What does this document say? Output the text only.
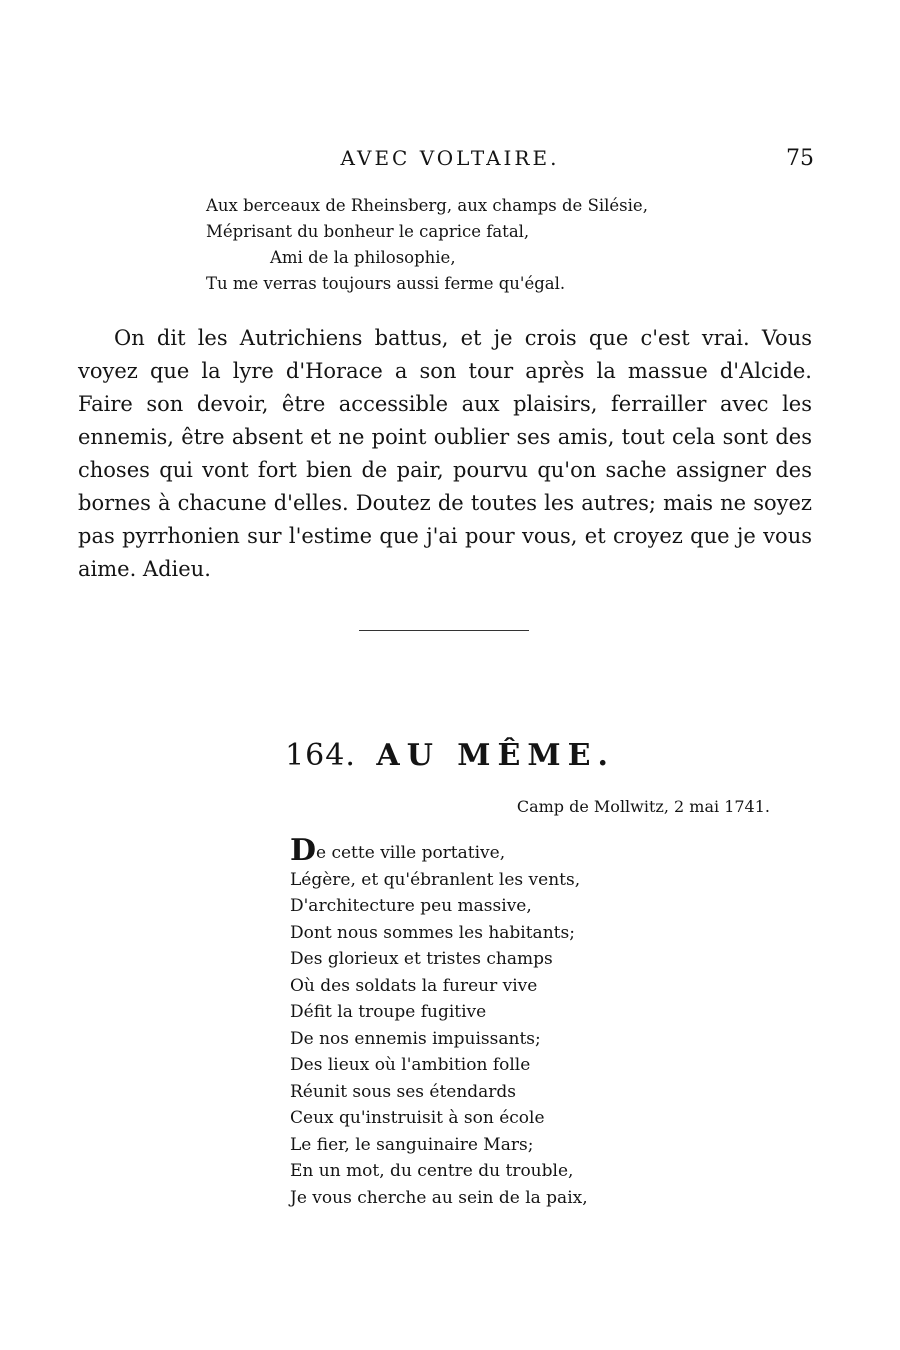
AVEC VOLTAIRE.	75
Aux berceaux de Rheinsberg, aux champs de Silésie,
Méprisant du bonheur le caprice fatal,
Ami de la philosophie,
Tu me verras toujours aussi ferme qu'égal.
On dit les Autrichiens battus, et je crois que c'est vrai. Vous voyez que la lyre d'Horace a son tour après la massue d'Alcide. Faire son devoir, être accessible aux plaisirs, ferrailler avec les ennemis, être absent et ne point oublier ses amis, tout cela sont des choses qui vont fort bien de pair, pourvu qu'on sache assigner des bornes à chacune d'elles. Doutez de toutes les autres; mais ne soyez pas pyrrhonien sur l'estime que j'ai pour vous, et croyez que je vous aime. Adieu.
164. AU MÊME.
Camp de Mollwitz, 2 mai 1741.
De cette ville portative,
Légère, et qu'ébranlent les vents,
D'architecture peu massive,
Dont nous sommes les habitants;
Des glorieux et tristes champs
Où des soldats la fureur vive
Défit la troupe fugitive
De nos ennemis impuissants;
Des lieux où l'ambition folle
Réunit sous ses étendards
Ceux qu'instruisit à son école
Le fier, le sanguinaire Mars;
En un mot, du centre du trouble,
Je vous cherche au sein de la paix,
